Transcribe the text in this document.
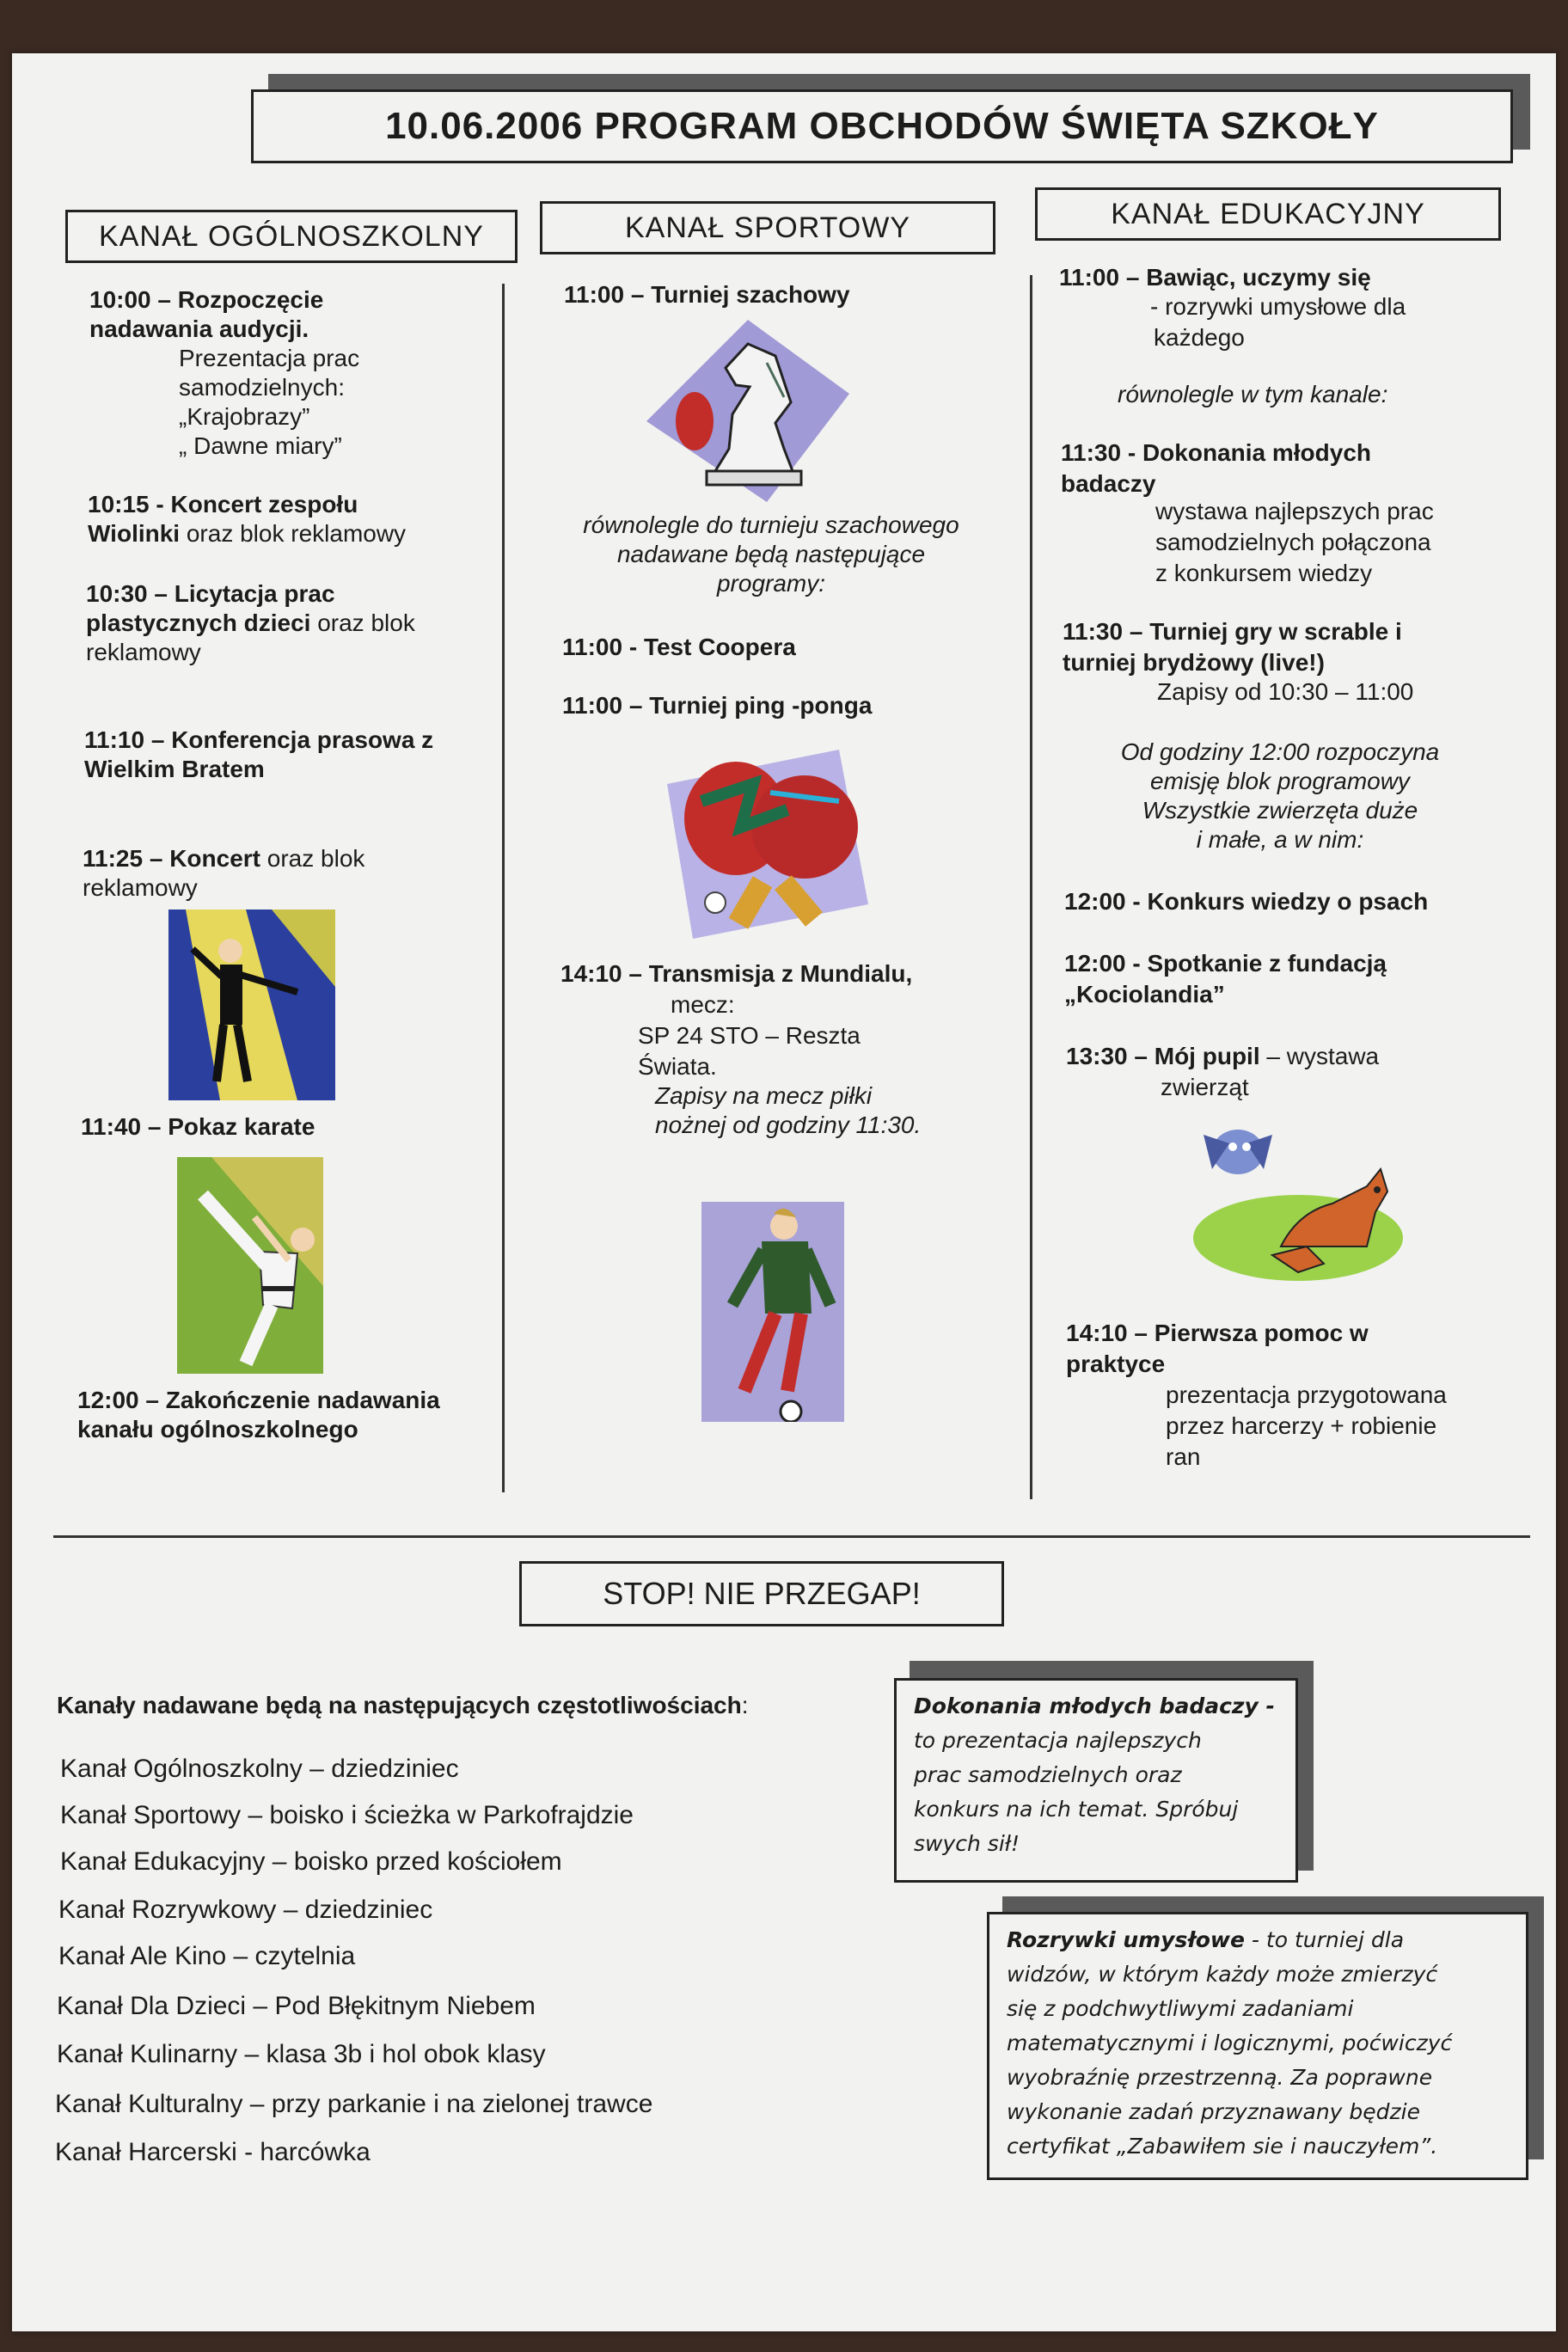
10.06.2006 PROGRAM OBCHODÓW ŚWIĘTA SZKOŁY
KANAŁ OGÓLNOSZKOLNY	KANAŁ SPORTOWY	KANAŁ EDUKACYJNY
10:00 – Rozpoczęcie
nadawania audycji.
Prezentacja prac
samodzielnych:
„Krajobrazy”
„ Dawne miary”
10:15 - Koncert zespołu
Wiolinki oraz blok reklamowy
10:30 – Licytacja prac
plastycznych dzieci oraz blok
reklamowy
11:10 – Konferencja prasowa z
Wielkim Bratem
11:25 – Koncert oraz blok
reklamowy
11:40 – Pokaz karate
12:00 – Zakończenie nadawania
kanału ogólnoszkolnego
11:00 – Turniej szachowy
równolegle do turnieju szachowego
nadawane będą następujące
programy:
11:00 - Test Coopera
11:00 – Turniej ping -ponga
14:10 – Transmisja z Mundialu,
mecz:
SP 24 STO – Reszta
Świata.
Zapisy na mecz piłki
nożnej od godziny 11:30.
11:00 – Bawiąc, uczymy się
- rozrywki umysłowe dla
każdego
równolegle w tym kanale:
11:30 - Dokonania młodych
badaczy
wystawa najlepszych prac
samodzielnych połączona
z konkursem wiedzy
11:30 – Turniej gry w scrable i
turniej brydżowy (live!)
Zapisy od 10:30 – 11:00
Od godziny 12:00 rozpoczyna
emisję blok programowy
Wszystkie zwierzęta duże
i małe, a w nim:
12:00 - Konkurs wiedzy o psach
12:00 - Spotkanie z fundacją
„Kociolandia”
13:30 – Mój pupil – wystawa
zwierząt
14:10 – Pierwsza pomoc w
praktyce
prezentacja przygotowana
przez harcerzy + robienie
ran
STOP! NIE PRZEGAP!
Kanały nadawane będą na następujących częstotliwościach:
Kanał Ogólnoszkolny – dziedziniec
Kanał Sportowy – boisko i ścieżka w Parkofrajdzie
Kanał Edukacyjny – boisko przed kościołem
Kanał Rozrywkowy – dziedziniec
Kanał Ale Kino – czytelnia
Kanał Dla Dzieci – Pod Błękitnym Niebem
Kanał Kulinarny – klasa 3b i hol obok klasy
Kanał Kulturalny – przy parkanie i na zielonej trawce
Kanał Harcerski - harcówka
Dokonania młodych badaczy -
to prezentacja najlepszych
prac samodzielnych oraz
konkurs na ich temat. Spróbuj
swych sił!
Rozrywki umysłowe - to turniej dla
widzów, w którym każdy może zmierzyć
się z podchwytliwymi zadaniami
matematycznymi i logicznymi, poćwiczyć
wyobraźnię przestrzenną. Za poprawne
wykonanie zadań przyznawany będzie
certyfikat „Zabawiłem sie i nauczyłem”.
